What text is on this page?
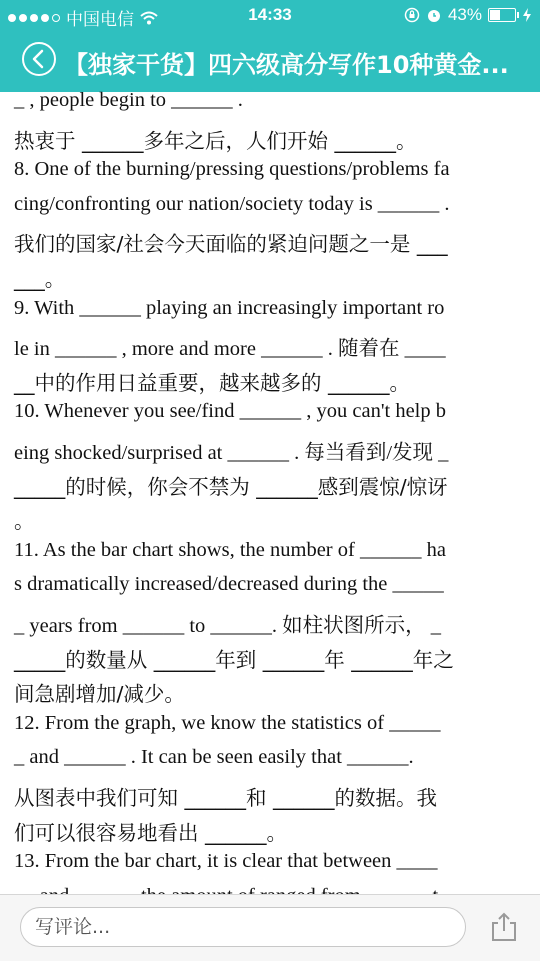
中国电信	14:33	43%
【独家干货】四六级高分写作10种黄金...
_ , people begin to ______ .
热衷于 ______多年之后，人们开始 ______。
8. One of the burning/pressing questions/problems fa
cing/confronting our nation/society today is ______ .
我们的国家/社会今天面临的紧迫问题之一是 ___
___。
9. With ______ playing an increasingly important ro
le in ______ , more and more ______ . 随着在 ____
__中的作用日益重要，越来越多的 ______。
10. Whenever you see/find ______ , you can't help b
eing shocked/surprised at ______ . 每当看到/发现 _
_____的时候，你会不禁为 ______感到震惊/惊讶
。
11. As the bar chart shows, the number of ______ ha
s dramatically increased/decreased during the _____
_ years from ______ to ______. 如柱状图所示， _
_____的数量从 ______年到 ______年 ______年之
间急剧增加/减少。
12. From the graph, we know the statistics of _____
_ and ______ . It can be seen easily that ______.
从图表中我们可知 ______和 ______的数据。我
们可以很容易地看出 ______。
13. From the bar chart, it is clear that between ____
写评论...
